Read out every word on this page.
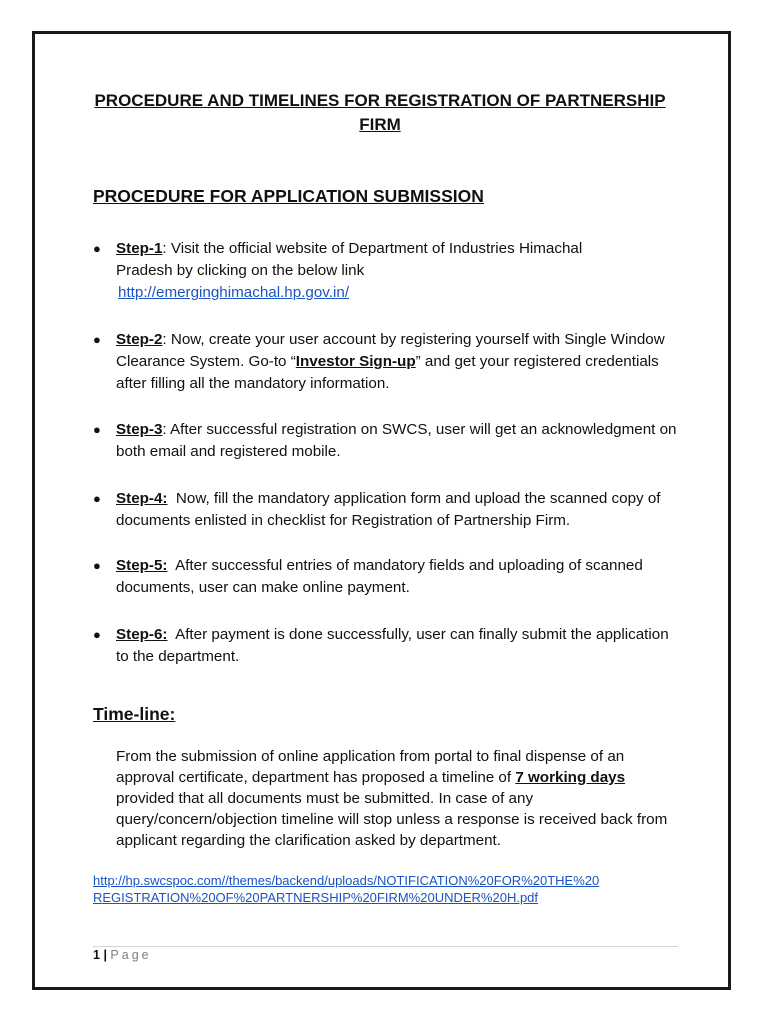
PROCEDURE AND TIMELINES FOR REGISTRATION OF PARTNERSHIP
FIRM
PROCEDURE FOR APPLICATION SUBMISSION
● Step-1: Visit the official website of Department of Industries Himachal
Pradesh by clicking on the below link
http://emerginghimachal.hp.gov.in/
● Step-2: Now, create your user account by registering yourself with Single Window Clearance System. Go-to “Investor Sign-up” and get your registered credentials after filling all the mandatory information.
● Step-3: After successful registration on SWCS, user will get an acknowledgment on both email and registered mobile.
● Step-4:  Now, fill the mandatory application form and upload the scanned copy of documents enlisted in checklist for Registration of Partnership Firm.
● Step-5:  After successful entries of mandatory fields and uploading of scanned documents, user can make online payment.
● Step-6:  After payment is done successfully, user can finally submit the application to the department.
Time-line:
From the submission of online application from portal to final dispense of an approval certificate, department has proposed a timeline of 7 working days provided that all documents must be submitted. In case of any query/concern/objection timeline will stop unless a response is received back from applicant regarding the clarification asked by department.
http://hp.swcspoc.com//themes/backend/uploads/NOTIFICATION%20FOR%20THE%20
REGISTRATION%20OF%20PARTNERSHIP%20FIRM%20UNDER%20H.pdf
1 | Page
